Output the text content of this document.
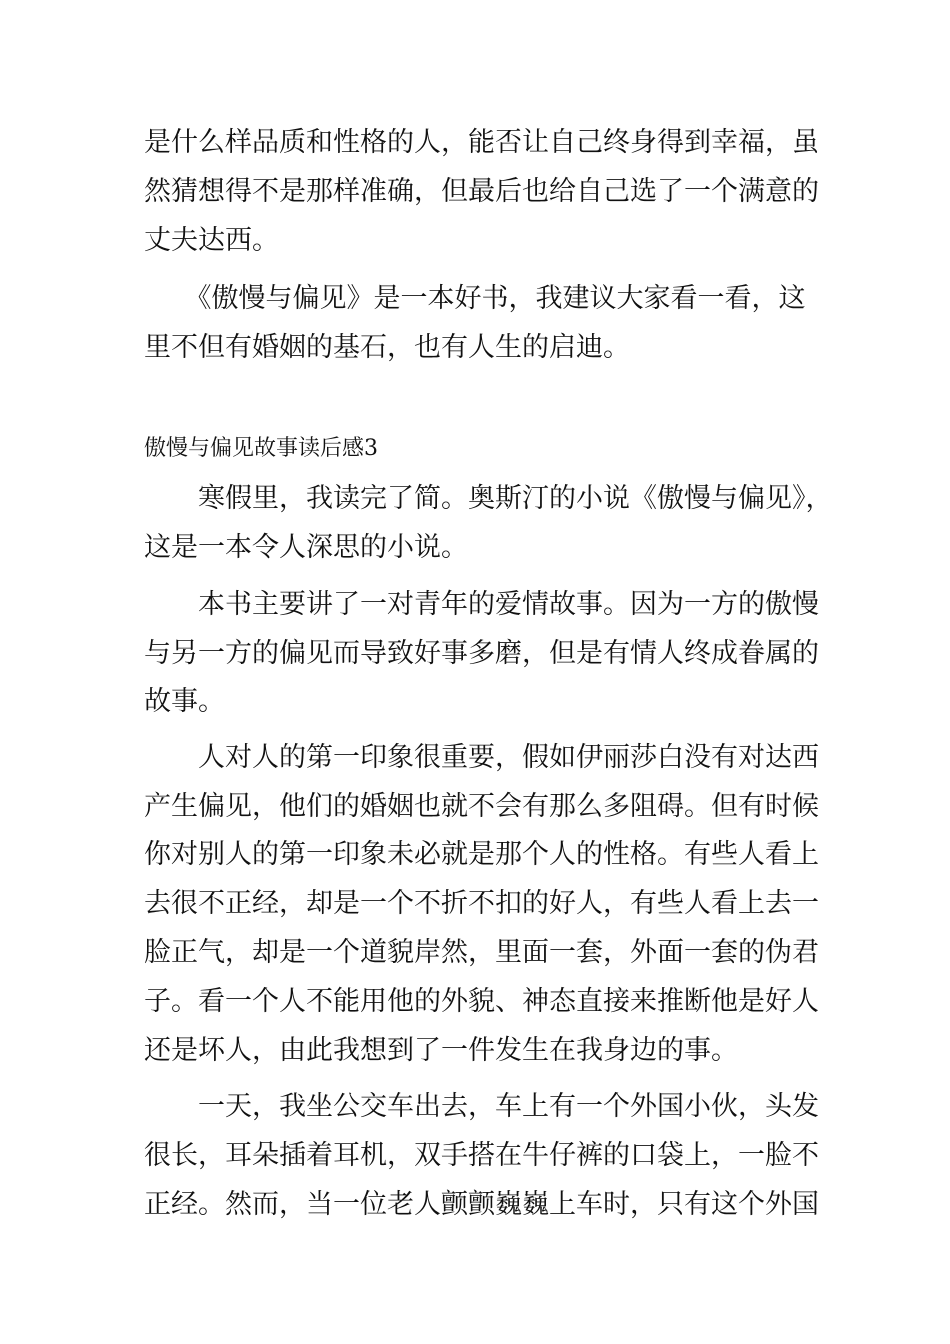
是什么样品质和性格的人，能否让自己终身得到幸福，虽
然猜想得不是那样准确，但最后也给自己选了一个满意的
丈夫达西。
　　《傲慢与偏见》是一本好书，我建议大家看一看，这
里不但有婚姻的基石，也有人生的启迪。
傲慢与偏见故事读后感3
　　寒假里，我读完了简。奥斯汀的小说《傲慢与偏见》，
这是一本令人深思的小说。
　　本书主要讲了一对青年的爱情故事。因为一方的傲慢
与另一方的偏见而导致好事多磨，但是有情人终成眷属的
故事。
　　人对人的第一印象很重要，假如伊丽莎白没有对达西
产生偏见，他们的婚姻也就不会有那么多阻碍。但有时候
你对别人的第一印象未必就是那个人的性格。有些人看上
去很不正经，却是一个不折不扣的好人，有些人看上去一
脸正气，却是一个道貌岸然，里面一套，外面一套的伪君
子。看一个人不能用他的外貌、神态直接来推断他是好人
还是坏人，由此我想到了一件发生在我身边的事。
　　一天，我坐公交车出去，车上有一个外国小伙，头发
很长，耳朵插着耳机，双手搭在牛仔裤的口袋上，一脸不
正经。然而，当一位老人颤颤巍巍上车时，只有这个外国
